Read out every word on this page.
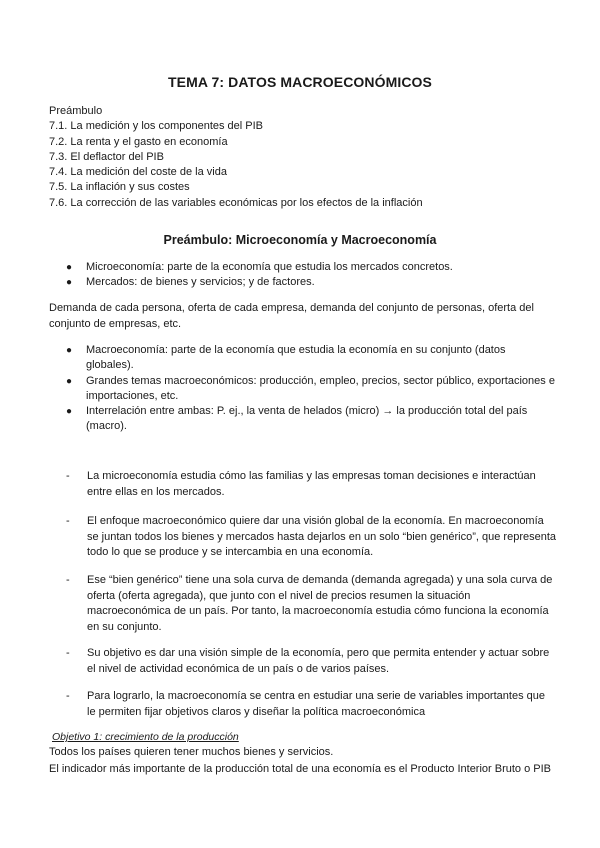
TEMA 7: DATOS MACROECONÓMICOS
Preámbulo
7.1. La medición y los componentes del PIB
7.2. La renta y el gasto en economía
7.3. El deflactor del PIB
7.4. La medición del coste de la vida
7.5. La inflación y sus costes
7.6. La corrección de las variables económicas por los efectos de la inflación
Preámbulo: Microeconomía y Macroeconomía
● Microeconomía: parte de la economía que estudia los mercados concretos.
● Mercados: de bienes y servicios; y de factores.
Demanda de cada persona, oferta de cada empresa, demanda del conjunto de personas, oferta del conjunto de empresas, etc.
● Macroeconomía: parte de la economía que estudia la economía en su conjunto (datos globales).
● Grandes temas macroeconómicos: producción, empleo, precios, sector público, exportaciones e importaciones, etc.
● Interrelación entre ambas: P. ej., la venta de helados (micro) → la producción total del país (macro).
-	La microeconomía estudia cómo las familias y las empresas toman decisiones e interactúan entre ellas en los mercados.
-	El enfoque macroeconómico quiere dar una visión global de la economía. En macroeconomía se juntan todos los bienes y mercados hasta dejarlos en un solo “bien genérico”, que representa todo lo que se produce y se intercambia en una economía.
-	Ese “bien genérico” tiene una sola curva de demanda (demanda agregada) y una sola curva de oferta (oferta agregada), que junto con el nivel de precios resumen la situación macroeconómica de un país. Por tanto, la macroeconomía estudia cómo funciona la economía en su conjunto.
-	Su objetivo es dar una visión simple de la economía, pero que permita entender y actuar sobre el nivel de actividad económica de un país o de varios países.
-	Para lograrlo, la macroeconomía se centra en estudiar una serie de variables importantes que le permiten fijar objetivos claros y diseñar la política macroeconómica
Objetivo 1: crecimiento de la producción
Todos los países quieren tener muchos bienes y servicios.
El indicador más importante de la producción total de una economía es el Producto Interior Bruto o PIB
